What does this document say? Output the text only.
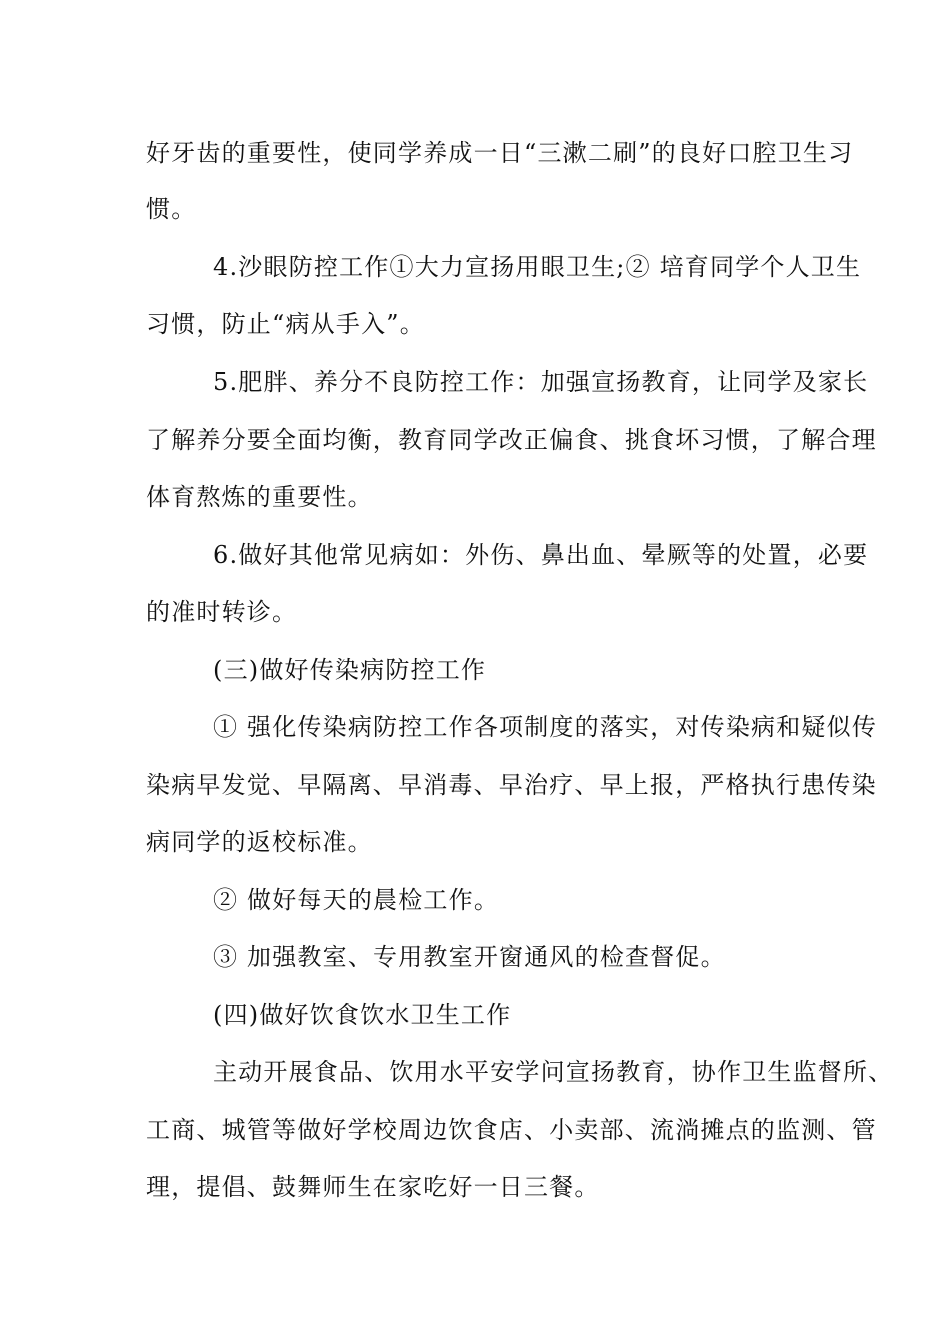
好牙齿的重要性，使同学养成一日“三漱二刷”的良好口腔卫生习
惯。
4.沙眼防控工作①大力宣扬用眼卫生;② 培育同学个人卫生
习惯，防止“病从手入”。
5.肥胖、养分不良防控工作：加强宣扬教育，让同学及家长
了解养分要全面均衡，教育同学改正偏食、挑食坏习惯，了解合理
体育熬炼的重要性。
6.做好其他常见病如：外伤、鼻出血、晕厥等的处置，必要
的准时转诊。
(三)做好传染病防控工作
① 强化传染病防控工作各项制度的落实，对传染病和疑似传
染病早发觉、早隔离、早消毒、早治疗、早上报，严格执行患传染
病同学的返校标准。
② 做好每天的晨检工作。
③ 加强教室、专用教室开窗通风的检查督促。
(四)做好饮食饮水卫生工作
主动开展食品、饮用水平安学问宣扬教育，协作卫生监督所、
工商、城管等做好学校周边饮食店、小卖部、流淌摊点的监测、管
理，提倡、鼓舞师生在家吃好一日三餐。
